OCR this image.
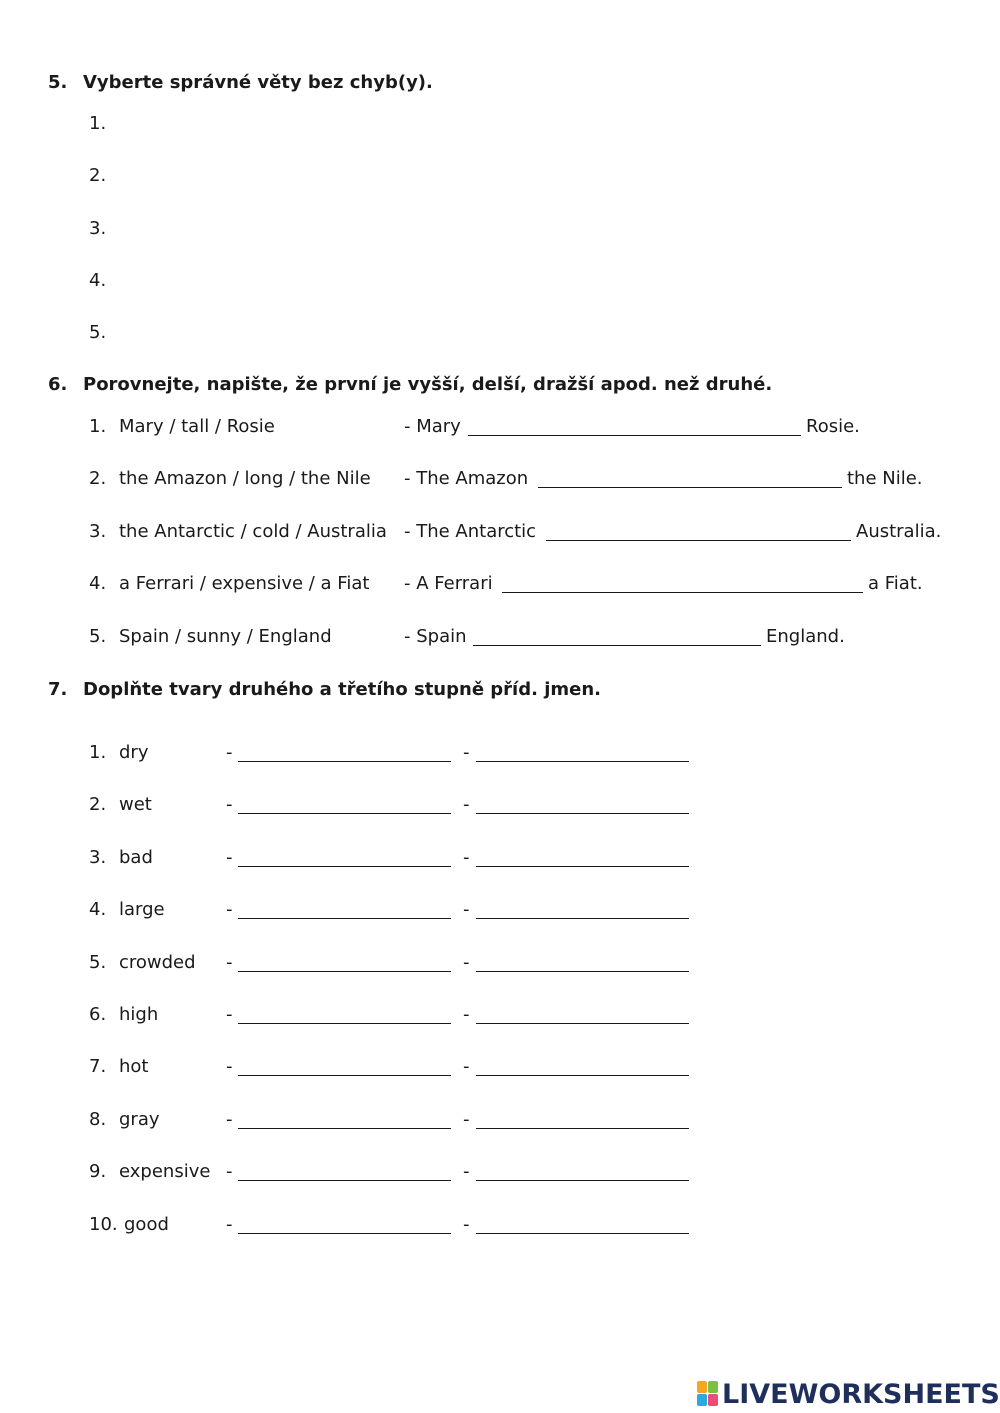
5. Vyberte správné věty bez chyb(y).
1.
2.
3.
4.
5.
6. Porovnejte, napište, že první je vyšší, delší, dražší apod. než druhé.
1. Mary / tall / Rosie	- Mary	Rosie.
2. the Amazon / long / the Nile - The Amazon	the Nile.
3. the Antarctic / cold / Australia - The Antarctic	Australia.
4. a Ferrari / expensive / a Fiat - A Ferrari	a Fiat.
5. Spain / sunny / England	- Spain	England.
7. Doplňte tvary druhého a třetího stupně příd. jmen.
1. dry	-	-
2. wet	-	-
3. bad	-	-
4. large	-	-
5. crowded -	-
6. high	-	-
7. hot	-	-
8. gray	-	-
9. expensive -	-
10. good	-	-
LIVEWORKSHEETS
